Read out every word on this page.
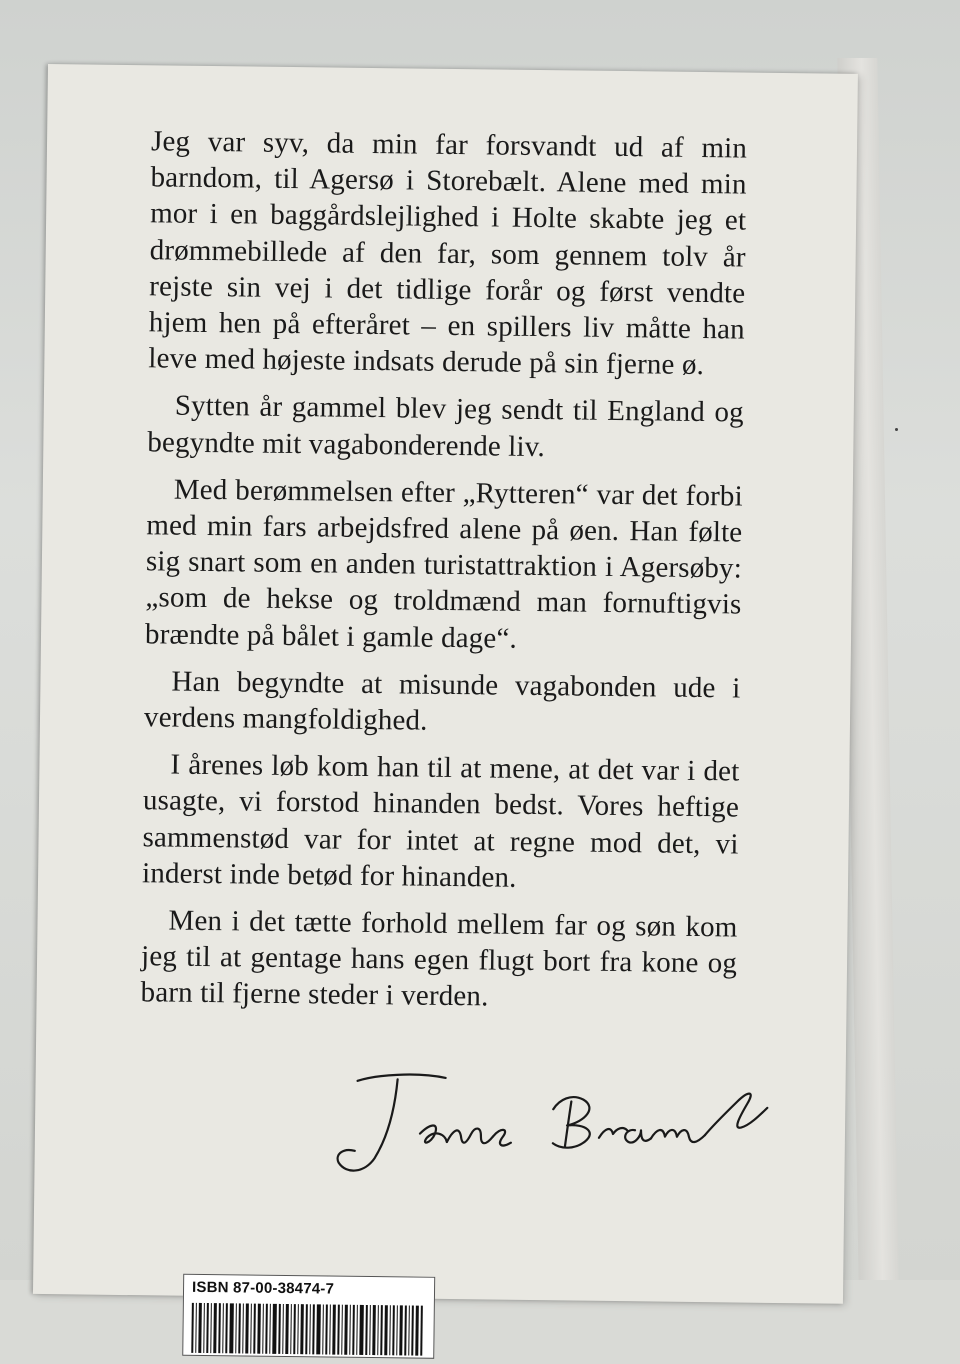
Jeg var syv, da min far forsvandt ud af min barndom, til Agersø i Storebælt. Alene med min mor i en baggårdslejlighed i Holte skabte jeg et drømmebillede af den far, som gennem tolv år rejste sin vej i det tidlige forår og først vendte hjem hen på efteråret – en spillers liv måtte han leve med højeste indsats derude på sin fjerne ø.

Sytten år gammel blev jeg sendt til England og begyndte mit vagabonderende liv.

Med berømmelsen efter „Rytteren“ var det forbi med min fars arbejdsfred alene på øen. Han følte sig snart som en anden turistattraktion i Agersøby: „som de hekse og troldmænd man fornuftigvis brændte på bålet i gamle dage“.

Han begyndte at misunde vagabonden ude i verdens mangfoldighed.

I årenes løb kom han til at mene, at det var i det usagte, vi forstod hinanden bedst. Vores heftige sammenstød var for intet at regne mod det, vi inderst inde betød for hinanden.

Men i det tætte forhold mellem far og søn kom jeg til at gentage hans egen flugt bort fra kone og barn til fjerne steder i verden.

ISBN 87-00-38474-7
